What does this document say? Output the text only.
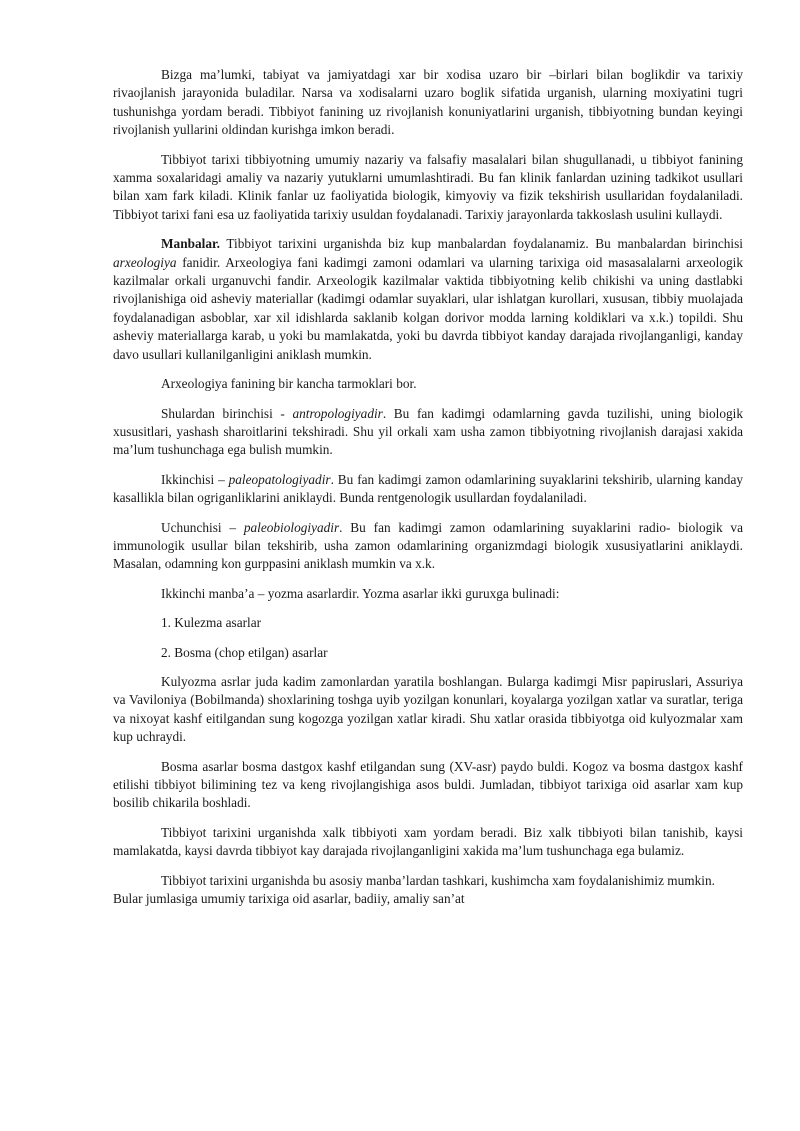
Bizga ma’lumki, tabiyat va jamiyatdagi xar bir xodisa uzaro bir –birlari bilan boglikdir va tarixiy rivaojlanish jarayonida buladilar. Narsa va xodisalarni uzaro boglik sifatida urganish, ularning moxiyatini tugri tushunishga yordam beradi. Tibbiyot fanining uz rivojlanish konuniyatlarini urganish, tibbiyotning bundan keyingi rivojlanish yullarini oldindan kurishga imkon beradi.

Tibbiyot tarixi tibbiyotning umumiy nazariy va falsafiy masalalari bilan shugullanadi, u tibbiyot fanining xamma soxalaridagi amaliy va nazariy yutuklarni umumlashtiradi. Bu fan klinik fanlardan uzining tadkikot usullari bilan xam fark kiladi. Klinik fanlar uz faoliyatida biologik, kimyoviy va fizik tekshirish usullaridan foydalaniladi. Tibbiyot tarixi fani esa uz faoliyatida tarixiy usuldan foydalanadi. Tarixiy jarayonlarda takkoslash usulini kullaydi.

Manbalar. Tibbiyot tarixini urganishda biz kup manbalardan foydalanamiz. Bu manbalardan birinchisi arxeologiya fanidir. Arxeologiya fani kadimgi zamoni odamlari va ularning tarixiga oid masasalalarni arxeologik kazilmalar orkali urganuvchi fandir. Arxeologik kazilmalar vaktida tibbiyotning kelib chikishi va uning dastlabki rivojlanishiga oid asheviy materiallar (kadimgi odamlar suyaklari, ular ishlatgan kurollari, xususan, tibbiy muolajada foydalanadigan asboblar, xar xil idishlarda saklanib kolgan dorivor modda larning koldiklari va x.k.) topildi. Shu asheviy materiallarga karab, u yoki bu mamlakatda, yoki bu davrda tibbiyot kanday darajada rivojlanganligi, kanday davo usullari kullanilganligini aniklash mumkin.

Arxeologiya fanining bir kancha tarmoklari bor.

Shulardan birinchisi - antropologiyadir. Bu fan kadimgi odamlarning gavda tuzilishi, uning biologik xususitlari, yashash sharoitlarini tekshiradi. Shu yil orkali xam usha zamon tibbiyotning rivojlanish darajasi xakida ma’lum tushunchaga ega bulish mumkin.

Ikkinchisi – paleopatologiyadir. Bu fan kadimgi zamon odamlarining suyaklarini tekshirib, ularning kanday kasallikla bilan ogriganliklarini aniklaydi. Bunda rentgenologik usullardan foydalaniladi.

Uchunchisi – paleobiologiyadir. Bu fan kadimgi zamon odamlarining suyaklarini radio- biologik va immunologik usullar bilan tekshirib, usha zamon odamlarining organizmdagi biologik xususiyatlarini aniklaydi. Masalan, odamning kon gurppasini aniklash mumkin va x.k.

Ikkinchi manba’a – yozma asarlardir. Yozma asarlar ikki guruxga bulinadi:

1. Kulezma asarlar

2. Bosma (chop etilgan) asarlar

Kulyozma asrlar juda kadim zamonlardan yaratila boshlangan. Bularga kadimgi Misr papiruslari, Assuriya va Vaviloniya (Bobilmanda) shoxlarining toshga uyib yozilgan konunlari, koyalarga yozilgan xatlar va suratlar, teriga va nixoyat kashf eitilgandan sung kogozga yozilgan xatlar kiradi. Shu xatlar orasida tibbiyotga oid kulyozmalar xam kup uchraydi.

Bosma asarlar bosma dastgox kashf etilgandan sung (XV-asr) paydo buldi. Kogoz va bosma dastgox kashf etilishi tibbiyot bilimining tez va keng rivojlangishiga asos buldi. Jumladan, tibbiyot tarixiga oid asarlar xam kup bosilib chikarila boshladi.

Tibbiyot tarixini urganishda xalk tibbiyoti xam yordam beradi. Biz xalk tibbiyoti bilan tanishib, kaysi mamlakatda, kaysi davrda tibbiyot kay darajada rivojlanganligini xakida ma’lum tushunchaga ega bulamiz.

Tibbiyot tarixini urganishda bu asosiy manba’lardan tashkari, kushimcha xam foydalanishimiz mumkin. Bular jumlasiga umumiy tarixiga oid asarlar, badiiy, amaliy san’at
